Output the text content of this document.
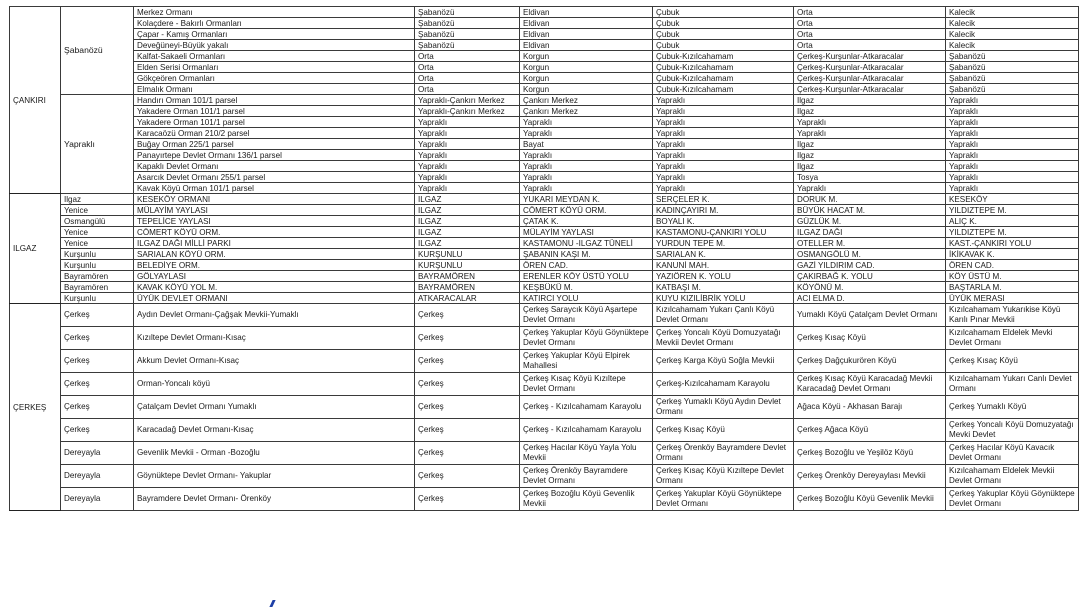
ÇANKIRI	Şabanözü	Merkez Ormanı	Şabanözü	Eldivan	Çubuk	Orta	Kalecik
		Kolaçdere - Bakırlı Ormanları	Şabanözü	Eldivan	Çubuk	Orta	Kalecik
		Çapar - Kamış Ormanları	Şabanözü	Eldivan	Çubuk	Orta	Kalecik
		Deveğüneyi-Büyük yakalı	Şabanözü	Eldivan	Çubuk	Orta	Kalecik
		Kalfat-Sakaeli Ormanları	Orta	Korgun	Çubuk-Kızılcahamam	Çerkeş-Kurşunlar-Atkaracalar	Şabanözü
		Elden Serisi Ormanları	Orta	Korgun	Çubuk-Kızılcahamam	Çerkeş-Kurşunlar-Atkaracalar	Şabanözü
		Gökçeören Ormanları	Orta	Korgun	Çubuk-Kızılcahamam	Çerkeş-Kurşunlar-Atkaracalar	Şabanözü
		Elmalık Ormanı	Orta	Korgun	Çubuk-Kızılcahamam	Çerkeş-Kurşunlar-Atkaracalar	Şabanözü
	Yapraklı	Handırı Orman 101/1 parsel	Yapraklı-Çankırı Merkez	Çankırı Merkez	Yapraklı	Ilgaz	Yapraklı
		Yakadere Orman 101/1 parsel	Yapraklı-Çankırı Merkez	Çankırı Merkez	Yapraklı	Ilgaz	Yapraklı
		Yakadere Orman 101/1 parsel	Yapraklı	Yapraklı	Yapraklı	Yapraklı	Yapraklı
		Karacaözü Orman 210/2 parsel	Yapraklı	Yapraklı	Yapraklı	Yapraklı	Yapraklı
		Buğay Orman 225/1 parsel	Yapraklı	Bayat	Yapraklı	Ilgaz	Yapraklı
		Panayırtepe Devlet Ormanı 136/1 parsel	Yapraklı	Yapraklı	Yapraklı	Ilgaz	Yapraklı
		Kapaklı Devlet Ormanı	Yapraklı	Yapraklı	Yapraklı	Ilgaz	Yapraklı
		Asarcık Devlet Ormanı 255/1 parsel	Yapraklı	Yapraklı	Yapraklı	Tosya	Yapraklı
		Kavak Köyü Orman 101/1 parsel	Yapraklı	Yapraklı	Yapraklı	Yapraklı	Yapraklı
ILGAZ	Ilgaz	KESEKÖY ORMANI	ILGAZ	YUKARI MEYDAN K.	SERÇELER K.	DORUK M.	KESEKÖY
	Yenice	MÜLAYİM YAYLASI	ILGAZ	CÖMERT KÖYÜ ORM.	KADINÇAYIRI M.	BÜYÜK HACAT M.	YILDIZTEPE M.
	Osmangülü	TEPELİCE YAYLASI	ILGAZ	ÇATAK K.	BOYALI K.	GÜZLÜK M.	ALIÇ K.
	Yenice	CÖMERT KÖYÜ ORM.	ILGAZ	MÜLAYİM YAYLASI	KASTAMONU-ÇANKIRI YOLU	ILGAZ DAĞI	YILDIZTEPE M.
	Yenice	ILGAZ DAĞI MİLLİ PARKI	ILGAZ	KASTAMONU -ILGAZ TÜNELİ	YURDUN TEPE M.	OTELLER M.	KAST.-ÇANKIRI YOLU
	Kurşunlu	SARIALAN KÖYÜ ORM.	KURŞUNLU	ŞABANIN KAŞI M.	SARIALAN K.	OSMANGÖLÜ M.	İKİKAVAK K.
	Kurşunlu	BELEDİYE ORM.	KURŞUNLU	ÖREN CAD.	KANUNİ MAH.	GAZİ YILDIRIM CAD.	ÖREN CAD.
	Bayramören	GÖLYAYLASI	BAYRAMÖREN	ERENLER KÖY ÜSTÜ YOLU	YAZIÖREN K. YOLU	ÇAKIRBAĞ K. YOLU	KÖY ÜSTÜ M.
	Bayramören	KAVAK KÖYÜ YOL M.	BAYRAMÖREN	KEŞBÜKÜ M.	KATBAŞI M.	KÖYÖNÜ M.	BAŞTARLA M.
	Kurşunlu	ÜYÜK DEVLET ORMANI	ATKARACALAR	KATIRCI YOLU	KUYU KIZILİBRİK YOLU	ACI ELMA D.	ÜYÜK MERASI
ÇERKEŞ	Çerkeş	Aydın Devlet Ormanı-Çağşak Mevkii-Yumaklı	Çerkeş	Çerkeş Saraycık Köyü Aşartepe Devlet Ormanı	Kızılcahamam Yukarı Çanlı Köyü Devlet Ormanı	Yumaklı Köyü Çatalçam Devlet Ormanı	Kızılcahamam Yukarıkise Köyü Karılı Pınar Mevkii
	Çerkeş	Kızıltepe Devlet Ormanı-Kısaç	Çerkeş	Çerkeş Yakuplar Köyü Göynüktepe Devlet Ormanı	Çerkeş Yoncalı Köyü Domuzyatağı Mevkii Devlet Ormanı	Çerkeş Kısaç Köyü	Kızılcahamam Eldelek Mevki Devlet Ormanı
	Çerkeş	Akkum Devlet Ormanı-Kısaç	Çerkeş	Çerkeş Yakuplar Köyü Elpirek Mahallesi	Çerkeş Karga Köyü Soğla Mevkii	Çerkeş Dağçukurören Köyü	Çerkeş Kısaç Köyü
	Çerkeş	Orman-Yoncalı köyü	Çerkeş	Çerkeş Kısaç Köyü Kızıltepe Devlet Ormanı	Çerkeş-Kızılcahamam Karayolu	Çerkeş Kısaç Köyü Karacadağ Mevkii Karacadağ Devlet Ormanı	Kızılcahamam Yukarı Canlı Devlet Ormanı
	Çerkeş	Çatalçam Devlet Ormanı Yumaklı	Çerkeş	Çerkeş - Kızılcahamam Karayolu	Çerkeş Yumaklı Köyü Aydın Devlet Ormanı	Ağaca Köyü - Akhasan Barajı	Çerkeş Yumaklı Köyü
	Çerkeş	Karacadağ Devlet Ormanı-Kısaç	Çerkeş	Çerkeş - Kızılcahamam Karayolu	Çerkeş Kısaç Köyü	Çerkeş Ağaca Köyü	Çerkeş Yoncalı Köyü Domuzyatağı Mevki Devlet
	Dereyayla	Gevenlik Mevkii - Orman -Bozoğlu	Çerkeş	Çerkeş Hacılar Köyü Yayla Yolu Mevkii	Çerkeş Örenköy Bayramdere Devlet Ormanı	Çerkeş Bozoğlu ve Yeşilöz Köyü	Çerkeş Hacılar Köyü Kavacık Devlet Ormanı
	Dereyayla	Göynüktepe Devlet Ormanı- Yakuplar	Çerkeş	Çerkeş Örenköy Bayramdere Devlet Ormanı	Çerkeş Kısaç Köyü Kızıltepe Devlet Ormanı	Çerkeş Örenköy Dereyaylası Mevkii	Kızılcahamam Eldelek Mevkii Devlet Ormanı
	Dereyayla	Bayramdere Devlet Ormanı- Örenköy	Çerkeş	Çerkeş Bozoğlu Köyü Gevenlik Mevkii	Çerkeş Yakuplar Köyü Göynüktepe Devlet Ormanı	Çerkeş Bozoğlu Köyü Gevenlik Mevkii	Çerkeş Yakuplar Köyü Göynüktepe Devlet Ormanı
